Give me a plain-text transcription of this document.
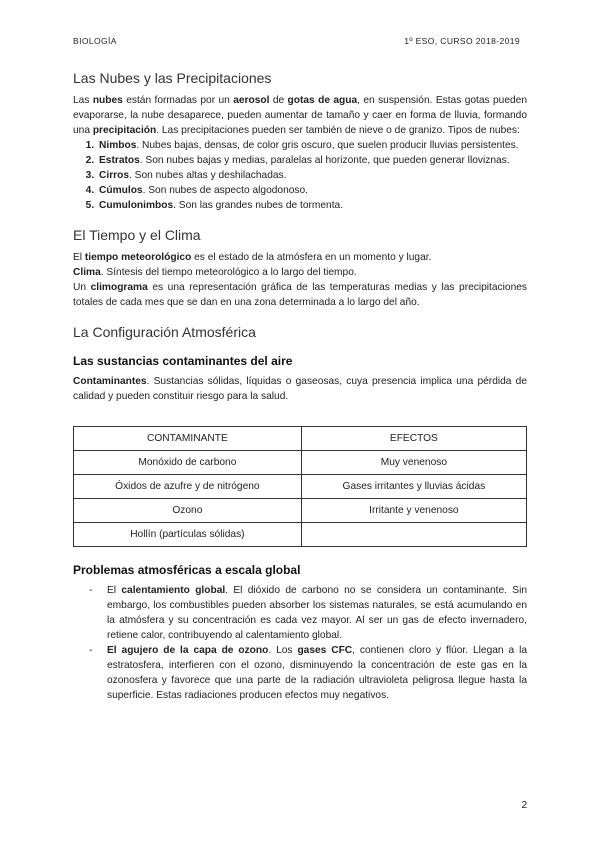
BIOLOGÍA	1º ESO, CURSO 2018-2019
Las Nubes y las Precipitaciones

Las nubes están formadas por un aerosol de gotas de agua, en suspensión. Estas gotas pueden evaporarse, la nube desaparece, pueden aumentar de tamaño y caer en forma de lluvia, formando una precipitación. Las precipitaciones pueden ser también de nieve o de granizo. Tipos de nubes:

1. Nimbos. Nubes bajas, densas, de color gris oscuro, que suelen producir lluvias persistentes.
2. Estratos. Son nubes bajas y medias, paralelas al horizonte, que pueden generar lloviznas.
3. Cirros. Son nubes altas y deshilachadas.
4. Cúmulos. Son nubes de aspecto algodonoso.
5. Cumulonimbos. Son las grandes nubes de tormenta.
El Tiempo y el Clima

El tiempo meteorológico es el estado de la atmósfera en un momento y lugar.

Clima. Síntesis del tiempo meteorológico a lo largo del tiempo.

Un climograma es una representación gráfica de las temperaturas medias y las precipitaciones totales de cada mes que se dan en una zona determinada a lo largo del año.

La Configuración Atmosférica
Las sustancias contaminantes del aire

Contaminantes. Sustancias sólidas, líquidas o gaseosas, cuya presencia implica una pérdida de calidad y pueden constituir riesgo para la salud.

CONTAMINANTE	EFECTOS
Monóxido de carbono	Muy venenoso
Óxidos de azufre y de nitrógeno	Gases irritantes y lluvias ácidas
Ozono	Irritante y venenoso
Hollín (partículas sólidas)	
Problemas atmosféricas a escala global
- El calentamiento global. El dióxido de carbono no se considera un contaminante. Sin embargo, los combustibles pueden absorber los sistemas naturales, se está acumulando en la atmósfera y su concentración es cada vez mayor. Al ser un gas de efecto invernadero, retiene calor, contribuyendo al calentamiento global.
- El agujero de la capa de ozono. Los gases CFC, contienen cloro y flúor. Llegan a la estratosfera, interfieren con el ozono, disminuyendo la concentración de este gas en la ozonosfera y favorece que una parte de la radiación ultravioleta peligrosa llegue hasta la superficie. Estas radiaciones producen efectos muy negativos.
2
